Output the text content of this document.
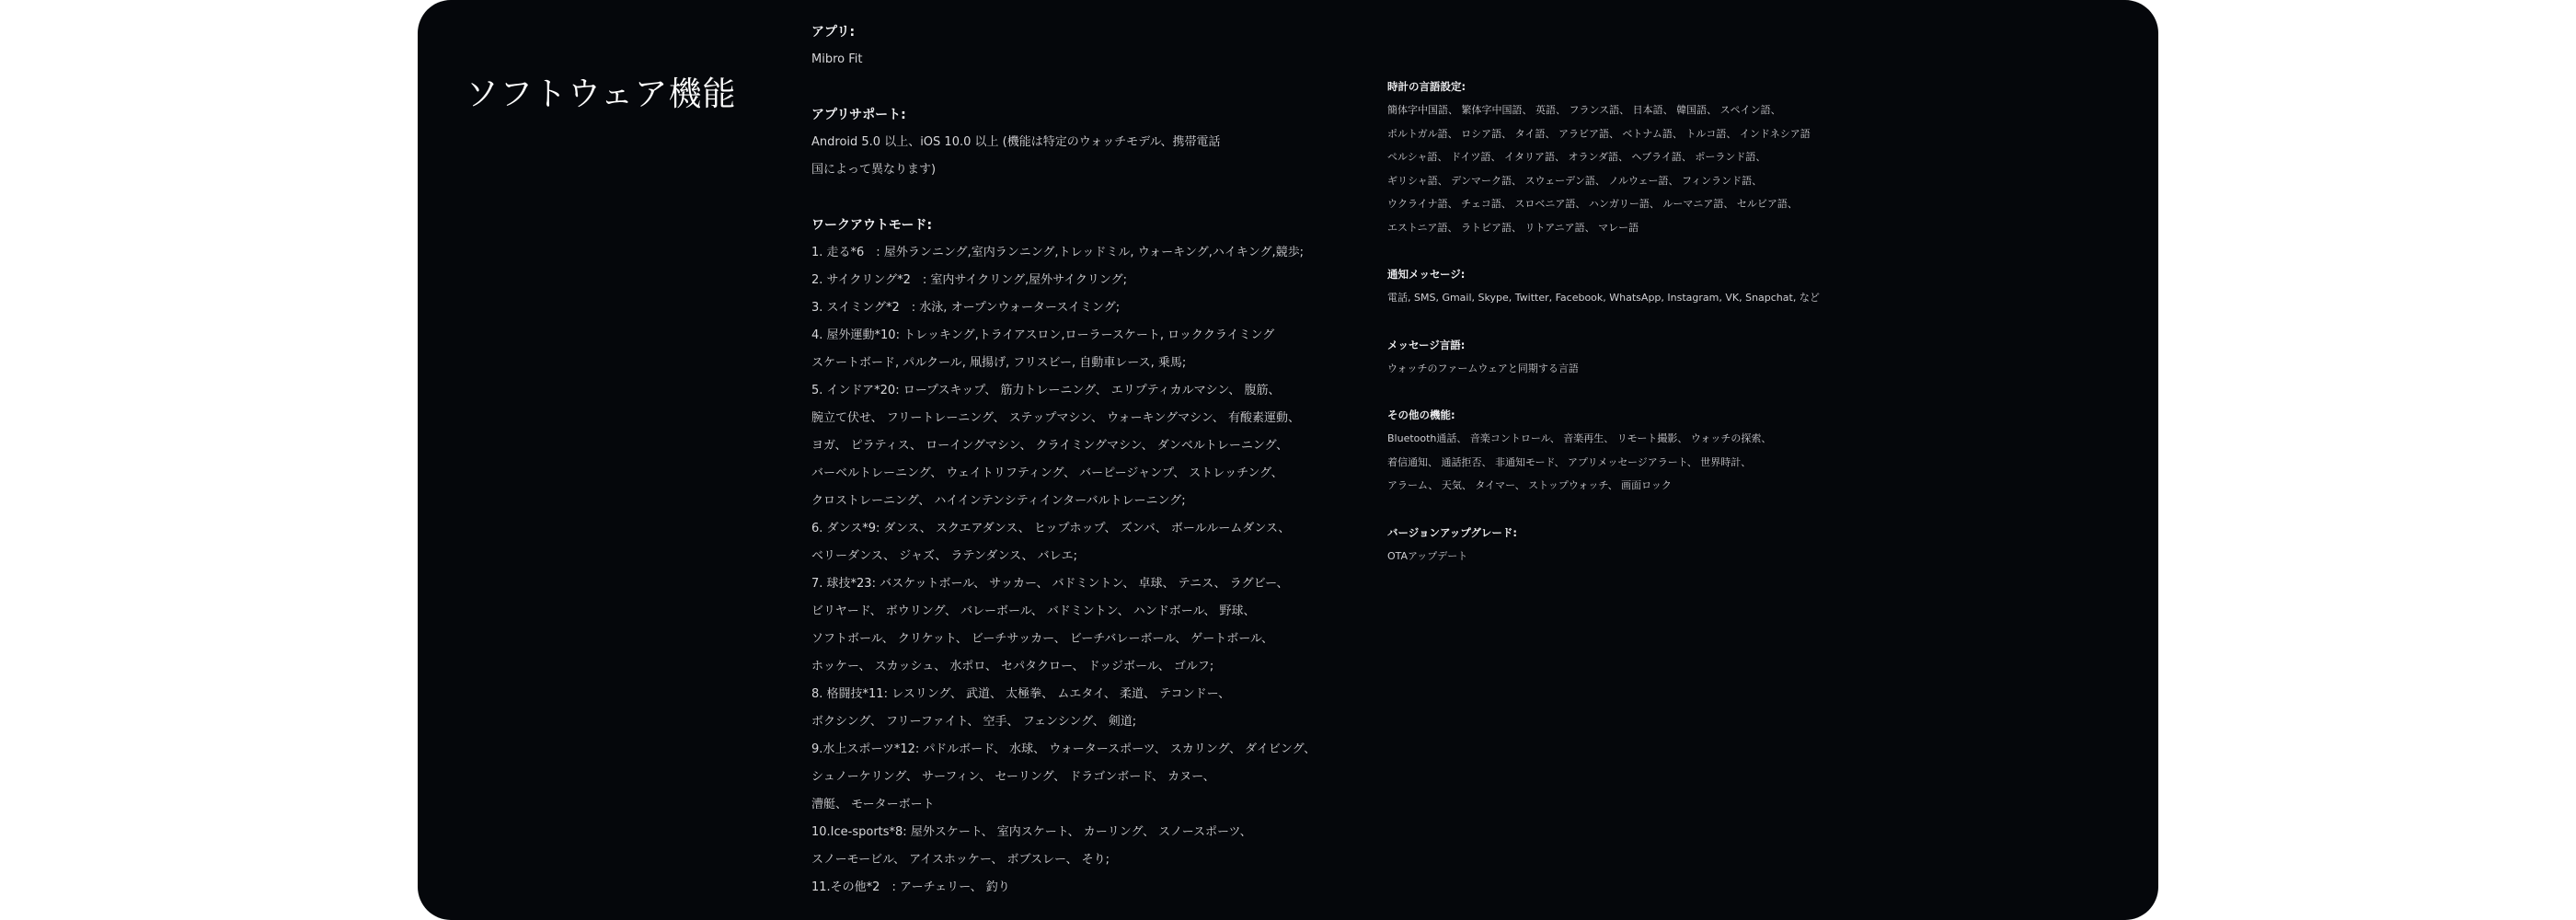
ソフトウェア機能
アプリ:
Mibro Fit
アプリサポート:
Android 5.0 以上、iOS 10.0 以上 (機能は特定のウォッチモデル、携帯電話
国によって異なります)
ワークアウトモード:
1. 走る*6　: 屋外ランニング,室内ランニング,トレッドミル, ウォーキング,ハイキング,競歩;
2. サイクリング*2　: 室内サイクリング,屋外サイクリング;
3. スイミング*2　: 水泳, オープンウォータースイミング;
4. 屋外運動*10: トレッキング,トライアスロン,ローラースケート, ロッククライミング
スケートボード, パルクール, 凧揚げ, フリスビー, 自動車レース, 乗馬;
5. インドア*20: ロープスキップ、 筋力トレーニング、 エリプティカルマシン、 腹筋、
腕立て伏せ、 フリートレーニング、 ステップマシン、 ウォーキングマシン、 有酸素運動、
ヨガ、 ピラティス、 ローイングマシン、 クライミングマシン、 ダンベルトレーニング、
バーベルトレーニング、 ウェイトリフティング、 バーピージャンプ、 ストレッチング、
クロストレーニング、 ハイインテンシティインターバルトレーニング;
6. ダンス*9: ダンス、 スクエアダンス、 ヒップホップ、 ズンバ、 ボールルームダンス、
ベリーダンス、 ジャズ、 ラテンダンス、 バレエ;
7. 球技*23: バスケットボール、 サッカー、 バドミントン、 卓球、 テニス、 ラグビー、
ビリヤード、 ボウリング、 バレーボール、 バドミントン、 ハンドボール、 野球、
ソフトボール、 クリケット、 ビーチサッカー、 ビーチバレーボール、 ゲートボール、
ホッケー、 スカッシュ、 水ポロ、 セパタクロー、 ドッジボール、 ゴルフ;
8. 格闘技*11: レスリング、 武道、 太極拳、 ムエタイ、 柔道、 テコンドー、
ボクシング、 フリーファイト、 空手、 フェンシング、 剣道;
9.水上スポーツ*12: パドルボード、 水球、 ウォータースポーツ、 スカリング、 ダイビング、
シュノーケリング、 サーフィン、 セーリング、 ドラゴンボード、 カヌー、
漕艇、 モーターボート
10.Ice-sports*8: 屋外スケート、 室内スケート、 カーリング、 スノースポーツ、
スノーモービル、 アイスホッケー、 ボブスレー、 そり;
11.その他*2　: アーチェリー、 釣り
時計の言語設定:
簡体字中国語、 繁体字中国語、 英語、 フランス語、 日本語、 韓国語、 スペイン語、
ポルトガル語、 ロシア語、 タイ語、 アラビア語、 ベトナム語、 トルコ語、 インドネシア語
ペルシャ語、 ドイツ語、 イタリア語、 オランダ語、 ヘブライ語、 ポーランド語、
ギリシャ語、 デンマーク語、 スウェーデン語、 ノルウェー語、 フィンランド語、
ウクライナ語、 チェコ語、 スロベニア語、 ハンガリー語、 ルーマニア語、 セルビア語、
エストニア語、 ラトビア語、 リトアニア語、 マレー語
通知メッセージ:
電話, SMS, Gmail, Skype, Twitter, Facebook, WhatsApp, Instagram, VK, Snapchat, など
メッセージ言語:
ウォッチのファームウェアと同期する言語
その他の機能:
Bluetooth通話、 音楽コントロール、 音楽再生、 リモート撮影、 ウォッチの探索、
着信通知、 通話拒否、 非通知モード、 アプリメッセージアラート、 世界時計、
アラーム、 天気、 タイマー、 ストップウォッチ、 画面ロック
バージョンアップグレード:
OTAアップデート
